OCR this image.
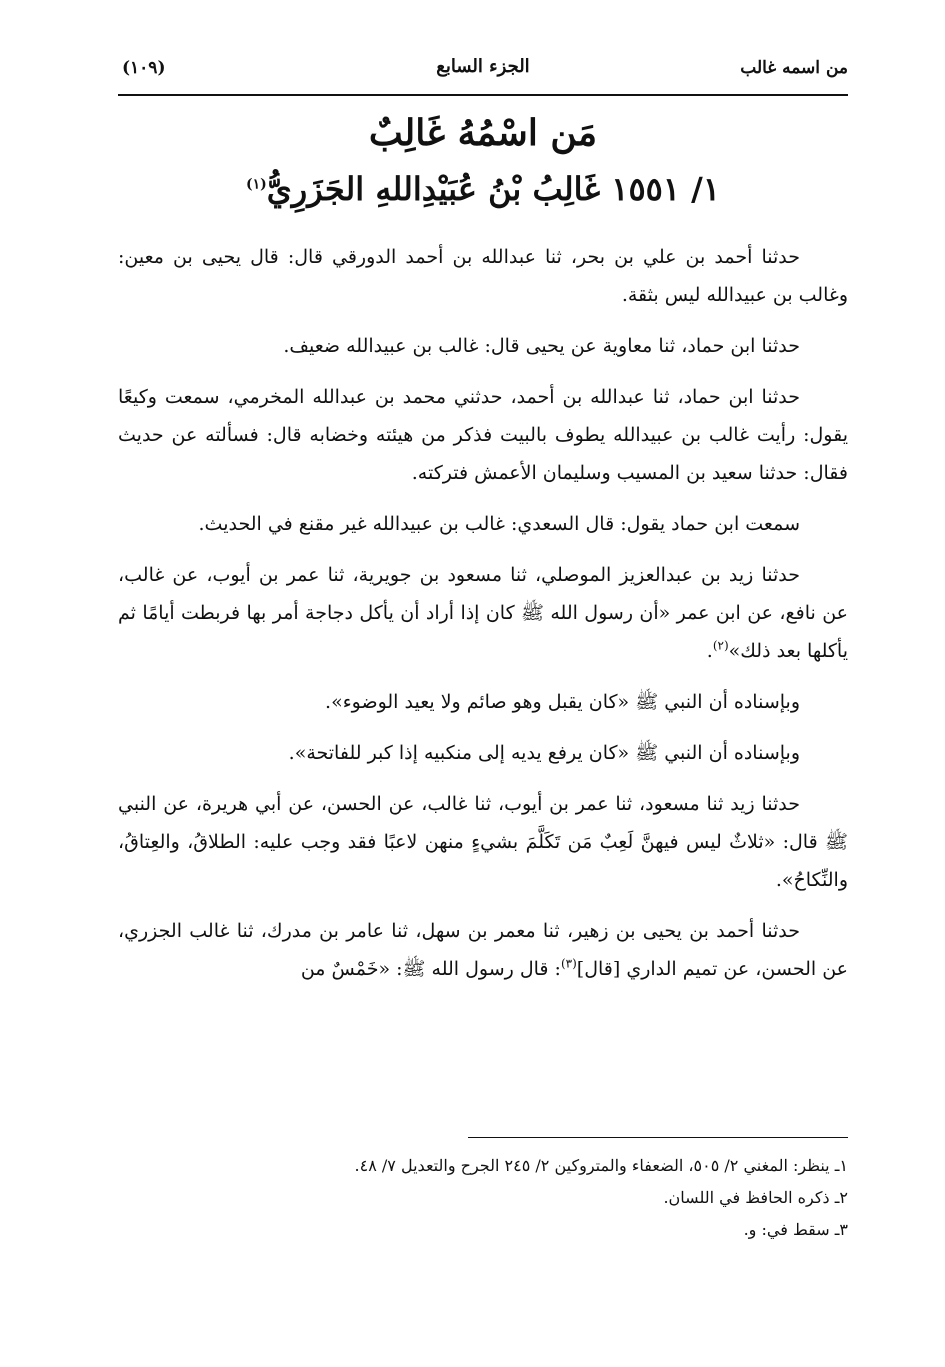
من اسمه غالب
الجزء السابع
(١٠٩)
مَن اسْمُهُ غَالِبٌ
١/ ١٥٥١ غَالِبُ بْنُ عُبَيْدِاللهِ الجَزَرِيُّ$^{(١)}$

حدثنا أحمد بن علي بن بحر، ثنا عبدالله بن أحمد الدورقي قال: قال يحيى بن معين: وغالب بن عبيدالله ليس بثقة.

حدثنا ابن حماد، ثنا معاوية عن يحيى قال: غالب بن عبيدالله ضعيف.

حدثنا ابن حماد، ثنا عبدالله بن أحمد، حدثني محمد بن عبدالله المخرمي، سمعت وكيعًا يقول: رأيت غالب بن عبيدالله يطوف بالبيت فذكر من هيئته وخضابه قال: فسألته عن حديث فقال: حدثنا سعيد بن المسيب وسليمان الأعمش فتركته.

سمعت ابن حماد يقول: قال السعدي: غالب بن عبيدالله غير مقنع في الحديث.

حدثنا زيد بن عبدالعزيز الموصلي، ثنا مسعود بن جويرية، ثنا عمر بن أيوب، عن غالب، عن نافع، عن ابن عمر «أن رسول الله ﷺ كان إذا أراد أن يأكل دجاجة أمر بها فربطت أيامًا ثم يأكلها بعد ذلك»$^{(٢)}$.

وبإسناده أن النبي ﷺ «كان يقبل وهو صائم ولا يعيد الوضوء».

وبإسناده أن النبي ﷺ «كان يرفع يديه إلى منكبيه إذا كبر للفاتحة».

حدثنا زيد ثنا مسعود، ثنا عمر بن أيوب، ثنا غالب، عن الحسن، عن أبي هريرة، عن النبي ﷺ قال: «ثلاثٌ ليس فيهنَّ لَعِبٌ مَن تَكَلَّمَ بشيءٍ منهن لاعبًا فقد وجب عليه: الطلاقُ، والعِتاقُ، والنِّكاحُ».

حدثنا أحمد بن يحيى بن زهير، ثنا معمر بن سهل، ثنا عامر بن مدرك، ثنا غالب الجزري، عن الحسن، عن تميم الداري [قال]$^{(٣)}$: قال رسول الله ﷺ: «خَمْسٌ من

١ـ ينظر: المغني ٢/ ٥٠٥، الضعفاء والمتروكين ٢/ ٢٤٥ الجرح والتعديل ٧/ ٤٨.

٢ـ ذكره الحافظ في اللسان.

٣ـ سقط في: و.
